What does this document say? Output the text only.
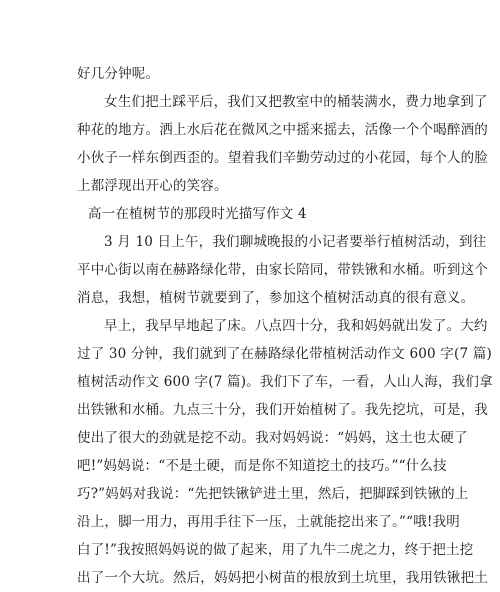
好几分钟呢。
女生们把土踩平后，我们又把教室中的桶装满水，费力地拿到了
种花的地方。洒上水后花在微风之中摇来摇去，活像一个个喝醉酒的
小伙子一样东倒西歪的。望着我们辛勤劳动过的小花园，每个人的脸
上都浮现出开心的笑容。
高一在植树节的那段时光描写作文 4
3 月 10 日上午，我们聊城晚报的小记者要举行植树活动，到往
平中心街以南在赫路绿化带，由家长陪同，带铁锹和水桶。听到这个
消息，我想，植树节就要到了，参加这个植树活动真的很有意义。
早上，我早早地起了床。八点四十分，我和妈妈就出发了。大约
过了 30 分钟，我们就到了在赫路绿化带植树活动作文 600 字(7 篇)
植树活动作文 600 字(7 篇)。我们下了车，一看，人山人海，我们拿
出铁锹和水桶。九点三十分，我们开始植树了。我先挖坑，可是，我
使出了很大的劲就是挖不动。我对妈妈说：“妈妈，这土也太硬了
吧!”妈妈说：“不是土硬，而是你不知道挖土的技巧。”“什么技
巧?”妈妈对我说：“先把铁锹铲进土里，然后，把脚踩到铁锹的上
沿上，脚一用力，再用手往下一压，土就能挖出来了。”“哦!我明
白了!”我按照妈妈说的做了起来，用了九牛二虎之力，终于把土挖
出了一个大坑。然后，妈妈把小树苗的根放到土坑里，我用铁锹把土
